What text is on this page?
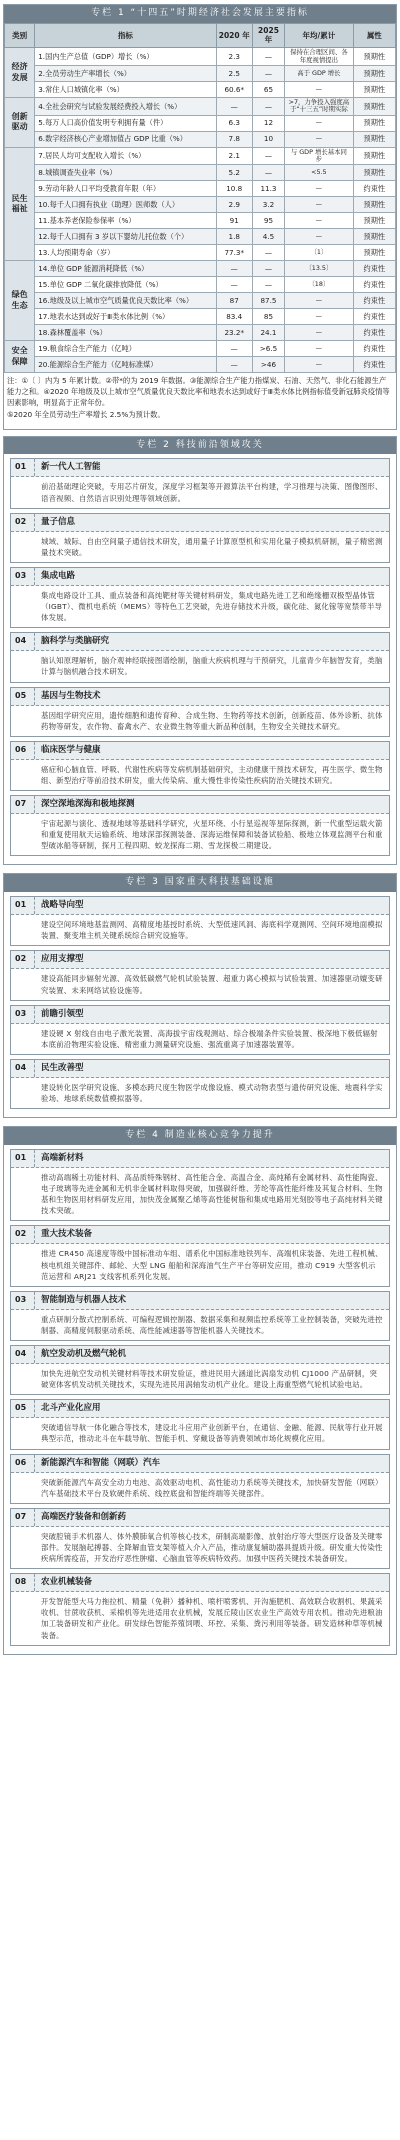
专栏 1 “十四五”时期经济社会发展主要指标
类别	指标	2020 年	2025 年	年均/累计	属性
经济发展	1.国内生产总值（GDP）增长（%）	2.3	—	保持在合理区间、各年度视情提出	预期性
	2.全员劳动生产率增长（%）	2.5	—	高于 GDP 增长	预期性
	3.常住人口城镇化率（%）	60.6*	65	—	预期性
创新驱动	4.全社会研究与试验发展经费投入增长（%）	—	—	>7，力争投入强度高于“十三五”时期实际	预期性
	5.每万人口高价值发明专利拥有量（件）	6.3	12	—	预期性
	6.数字经济核心产业增加值占 GDP 比重（%）	7.8	10	—	预期性
民生福祉	7.居民人均可支配收入增长（%）	2.1	—	与 GDP 增长基本同步	预期性
	8.城镇调查失业率（%）	5.2	—	<5.5	预期性
	9.劳动年龄人口平均受教育年限（年）	10.8	11.3	—	约束性
	10.每千人口拥有执业（助理）医师数（人）	2.9	3.2	—	预期性
	11.基本养老保险参保率（%）	91	95	—	预期性
	12.每千人口拥有 3 岁以下婴幼儿托位数（个）	1.8	4.5	—	预期性
	13.人均预期寿命（岁）	77.3*	—	〔1〕	预期性
绿色生态	14.单位 GDP 能源消耗降低（%）	—	—	〔13.5〕	约束性
	15.单位 GDP 二氧化碳排放降低（%）	—	—	〔18〕	约束性
	16.地级及以上城市空气质量优良天数比率（%）	87	87.5	—	约束性
	17.地表水达到或好于Ⅲ类水体比例（%）	83.4	85	—	约束性
	18.森林覆盖率（%）	23.2*	24.1	—	约束性
安全保障	19.粮食综合生产能力（亿吨）	—	>6.5	—	约束性
	20.能源综合生产能力（亿吨标准煤）	—	>46	—	约束性
注：①〔 〕内为 5 年累计数。②带*的为 2019 年数据。③能源综合生产能力指煤炭、石油、天然气、非化石能源生产能力之和。④2020 年地级及以上城市空气质量优良天数比率和地表水达到或好于Ⅲ类水体比例指标值受新冠肺炎疫情等因素影响，明显高于正常年份。
⑤2020 年全员劳动生产率增长 2.5%为预计数。
专栏 2 科技前沿领域攻关
01	新一代人工智能
前沿基础理论突破，专用芯片研发，深度学习框架等开源算法平台构建，学习推理与决策、图像图形、语音视频、自然语言识别处理等领域创新。
02	量子信息
城域、城际、自由空间量子通信技术研发，通用量子计算原型机和实用化量子模拟机研制，量子精密测量技术突破。
03	集成电路
集成电路设计工具、重点装备和高纯靶材等关键材料研发，集成电路先进工艺和绝缘栅双极型晶体管（IGBT）、微机电系统（MEMS）等特色工艺突破，先进存储技术升级，碳化硅、氮化镓等宽禁带半导体发展。
04	脑科学与类脑研究
脑认知原理解析，脑介观神经联接图谱绘制，脑重大疾病机理与干预研究，儿童青少年脑智发育，类脑计算与脑机融合技术研发。
05	基因与生物技术
基因组学研究应用，遗传细胞和遗传育种、合成生物、生物药等技术创新，创新疫苗、体外诊断、抗体药物等研发，农作物、畜禽水产、农业微生物等重大新品种创制，生物安全关键技术研究。
06	临床医学与健康
癌症和心脑血管、呼吸、代谢性疾病等发病机制基础研究，主动健康干预技术研发，再生医学、微生物组、新型治疗等前沿技术研发，重大传染病、重大慢性非传染性疾病防治关键技术研究。
07	深空深地深海和极地探测
宇宙起源与演化、透视地球等基础科学研究，火星环绕、小行星巡视等星际探测，新一代重型运载火箭和重复使用航天运输系统、地球深部探测装备、深海运维保障和装备试验船、极地立体观监测平台和重型破冰船等研制，探月工程四期、蛟龙探海二期、雪龙探极二期建设。
专栏 3 国家重大科技基础设施
01	战略导向型
建设空间环境地基监测网、高精度地基授时系统、大型低速风洞、海底科学观测网、空间环境地面模拟装置、聚变堆主机关键系统综合研究设施等。
02	应用支撑型
建设高能同步辐射光源、高效低碳燃气轮机试验装置、超重力离心模拟与试验装置、加速器驱动嬗变研究装置、未来网络试验设施等。
03	前瞻引领型
建设硬 X 射线自由电子激光装置、高海拔宇宙线观测站、综合极端条件实验装置、极深地下极低辐射本底前沿物理实验设施、精密重力测量研究设施、强流重离子加速器装置等。
04	民生改善型
建设转化医学研究设施、多模态跨尺度生物医学成像设施、模式动物表型与遗传研究设施、地震科学实验场、地球系统数值模拟器等。
专栏 4 制造业核心竞争力提升
01	高端新材料
推动高端稀土功能材料、高品质特殊钢材、高性能合金、高温合金、高纯稀有金属材料、高性能陶瓷、电子玻璃等先进金属和无机非金属材料取得突破，加强碳纤维、芳纶等高性能纤维及其复合材料、生物基和生物医用材料研发应用，加快茂金属聚乙烯等高性能树脂和集成电路用光刻胶等电子高纯材料关键技术突破。
02	重大技术装备
推进 CR450 高速度等级中国标准动车组、谱系化中国标准地铁列车、高端机床装备、先进工程机械、核电机组关键部件、邮轮、大型 LNG 船舶和深海油气生产平台等研发应用，推动 C919 大型客机示范运营和 ARJ21 支线客机系列化发展。
03	智能制造与机器人技术
重点研制分散式控制系统、可编程逻辑控制器、数据采集和视频监控系统等工业控制装备，突破先进控制器、高精度伺服驱动系统、高性能减速器等智能机器人关键技术。
04	航空发动机及燃气轮机
加快先进航空发动机关键材料等技术研发验证，推进民用大涵道比涡扇发动机 CJ1000 产品研制，突破宽体客机发动机关键技术，实现先进民用涡轴发动机产业化。建设上海重型燃气轮机试验电站。
05	北斗产业化应用
突破通信导航一体化融合等技术，建设北斗应用产业创新平台，在通信、金融、能源、民航等行业开展典型示范，推动北斗在车载导航、智能手机、穿戴设备等消费领域市场化规模化应用。
06	新能源汽车和智能（网联）汽车
突破新能源汽车高安全动力电池、高效驱动电机、高性能动力系统等关键技术，加快研发智能（网联）汽车基础技术平台及软硬件系统、线控底盘和智能终端等关键部件。
07	高端医疗装备和创新药
突破腔镜手术机器人、体外膜肺氧合机等核心技术，研制高端影像、放射治疗等大型医疗设备及关键零部件。发展脑起搏器、全降解血管支架等植入介入产品，推动康复辅助器具提质升级。研发重大传染性疾病所需疫苗，开发治疗恶性肿瘤、心脑血管等疾病特效药。加强中医药关键技术装备研发。
08	农业机械装备
开发智能型大马力拖拉机、精量（免耕）播种机、喷杆喷雾机、开沟施肥机、高效联合收割机、果蔬采收机、甘蔗收获机、采棉机等先进适用农业机械，发展丘陵山区农业生产高效专用农机。推动先进粮油加工装备研发和产业化。研发绿色智能养殖饲喂、环控、采集、粪污利用等装备。研发造林种草等机械装备。
